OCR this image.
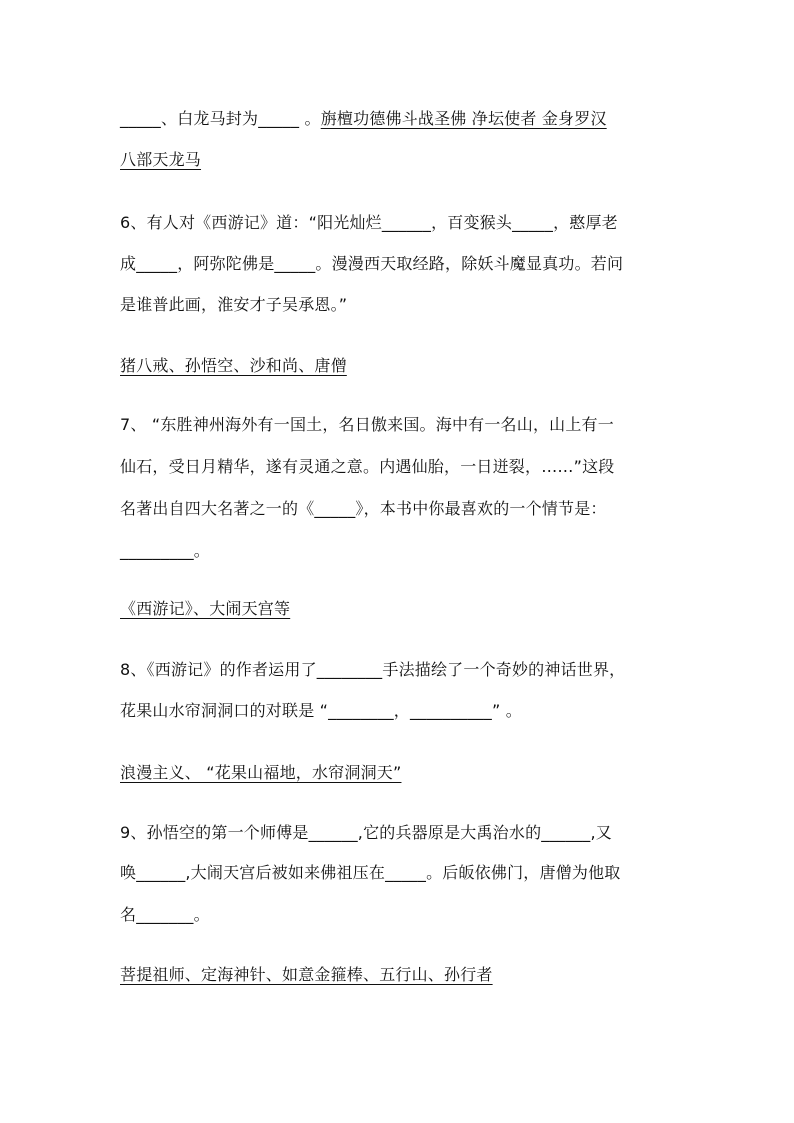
_____、白龙马封为_____ 。旃檀功德佛斗战圣佛 净坛使者 金身罗汉
八部天龙马
6、有人对《西游记》道：“阳光灿烂______，百变猴头_____，憨厚老
成_____，阿弥陀佛是_____。漫漫西天取经路，除妖斗魔显真功。若问
是谁普此画，淮安才子吴承恩。”
猪八戒、孙悟空、沙和尚、唐僧
7、 “东胜神州海外有一国土，名日傲来国。海中有一名山，山上有一
仙石，受日月精华，遂有灵通之意。内遇仙胎，一日迸裂，……”这段
名著出自四大名著之一的《_____》，本书中你最喜欢的一个情节是：
_________。
《西游记》、大闹天宫等
8、《西游记》的作者运用了________手法描绘了一个奇妙的神话世界，
花果山水帘洞洞口的对联是 “________，__________” 。
浪漫主义、 “花果山福地，水帘洞洞天”
9、孙悟空的第一个师傅是______,它的兵器原是大禹治水的______,又
唤______,大闹天宫后被如来佛祖压在_____。后皈依佛门，唐僧为他取
名_______。
菩提祖师、定海神针、如意金箍棒、五行山、孙行者
